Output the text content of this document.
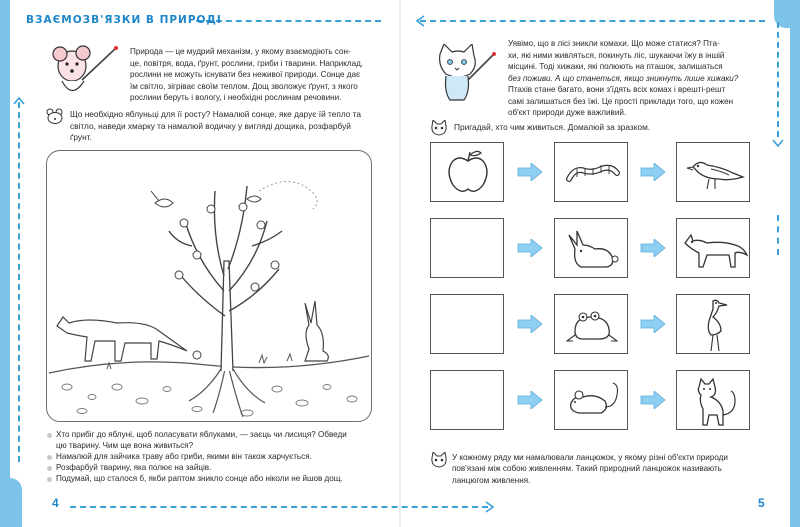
ВЗАЄМОЗВ'ЯЗКИ В ПРИРОДІ
Природа — це мудрий механізм, у якому взаємодіють сон-
це, повітря, вода, ґрунт, рослини, гриби і тварини. Наприклад,
рослини не можуть існувати без неживої природи. Сонце дає
їм світло, зігріває своїм теплом. Дощ зволожує ґрунт, з якого
рослини беруть і вологу, і необхідні рослинам речовини.
Що необхідно яблуньці для її росту? Намалюй сонце, яке дарує їй тепло та
світло, наведи хмарку та намалюй водичку у вигляді дощика, розфарбуй
ґрунт.
Хто прибіг до яблуні, щоб поласувати яблуками, — заєць чи лисиця? Обведи
цю тварину. Чим ще вона живиться?
Намалюй для зайчика траву або гриби, якими він також харчується.
Розфарбуй тварину, яка полює на зайців.
Подумай, що сталося б, якби раптом зникло сонце або ніколи не йшов дощ.
4
Уявімо, що в лісі зникли комахи. Що може статися? Пта-
хи, які ними живляться, покинуть ліс, шукаючи їжу в іншій
місцині. Тоді хижаки, які полюють на пташок, залишаться
без поживи. А що станеться, якщо зникнуть лише хижаки?
Птахів стане багато, вони з'їдять всіх комах і врешті-решт
самі залишаться без їжі. Це прості приклади того, що кожен
об'єкт природи дуже важливий.
Пригадай, хто чим живиться. Домалюй за зразком.
У кожному ряду ми намалювали ланцюжок, у якому різні об'єкти природи
пов'язані між собою живленням. Такий природний ланцюжок називають
ланцюгом живлення.
5
